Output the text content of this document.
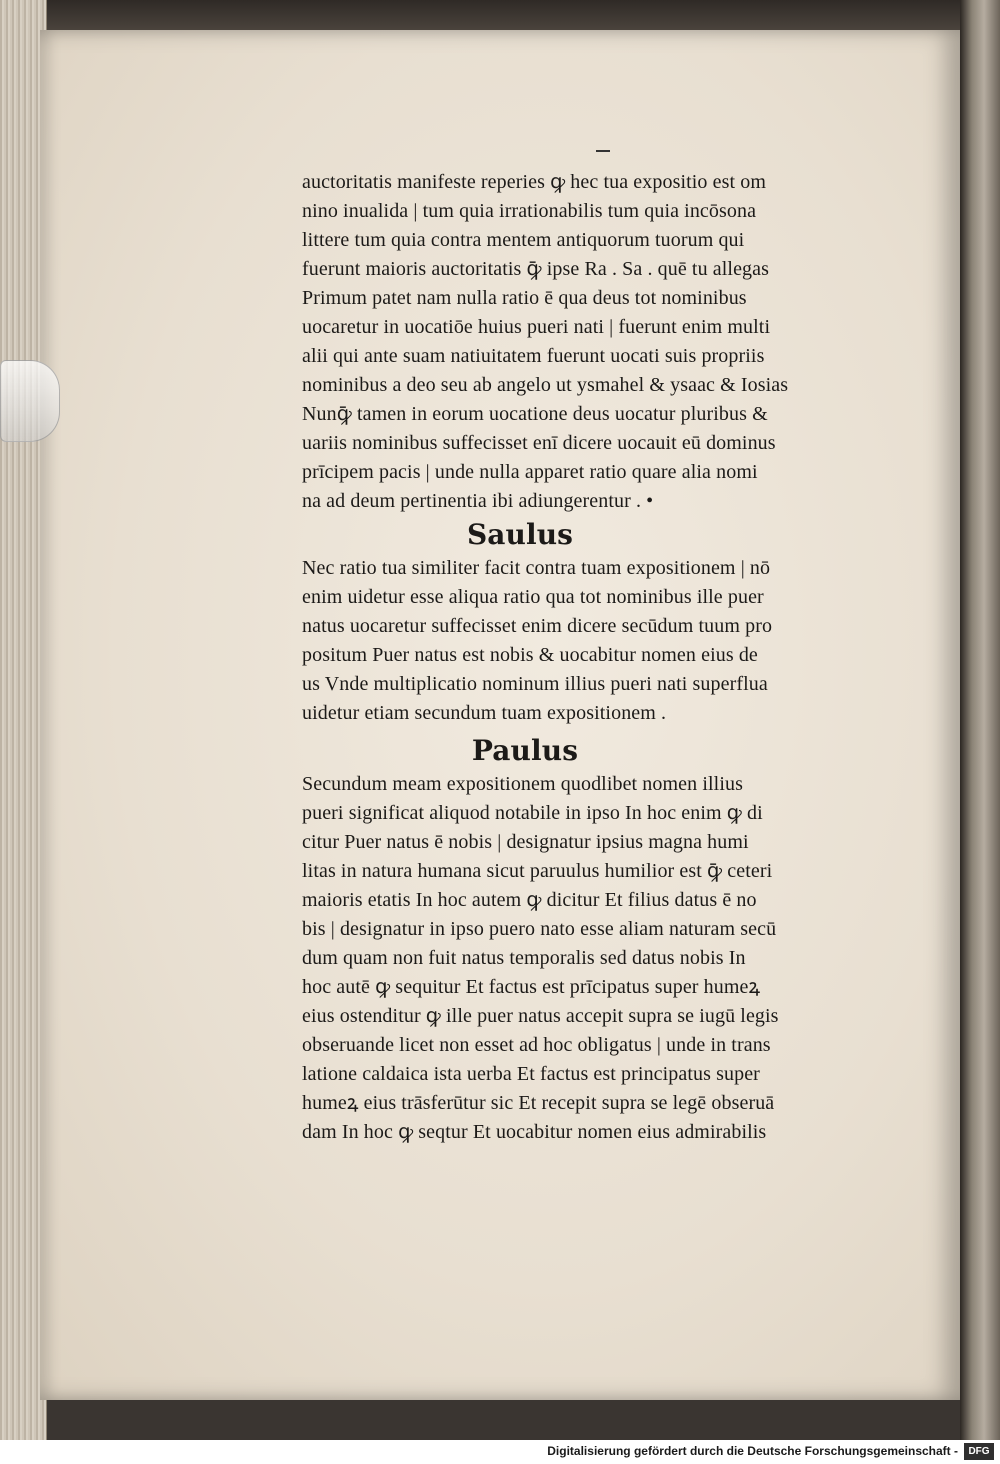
auctoritatis manifeste reperies ꝙ hec tua expositio est om
nino inualida | tum quia irrationabilis tum quia incōsona
littere tum quia contra mentem antiquorum tuorum qui
fuerunt maioris auctoritatis ꝙ̄ ipse Ra . Sa . quē tu allegas
Primum patet nam nulla ratio ē qua deus tot nominibus
uocaretur in uocatiōe huius pueri nati | fuerunt enim multi
alii qui ante suam natiuitatem fuerunt uocati suis propriis
nominibus a deo seu ab angelo ut ysmahel & ysaac & Iosias
Nunꝙ̄ tamen in eorum uocatione deus uocatur pluribus &
uariis nominibus suffecisset enī dicere uocauit eū dominus
prīcipem pacis | unde nulla apparet ratio quare alia nomi
na ad deum pertinentia ibi adiungerentur . •
Saulus
Nec ratio tua similiter facit contra tuam expositionem | nō
enim uidetur esse aliqua ratio qua tot nominibus ille puer
natus uocaretur suffecisset enim dicere secūdum tuum pro
positum Puer natus est nobis & uocabitur nomen eius de
us Vnde multiplicatio nominum illius pueri nati superflua
uidetur etiam secundum tuam expositionem .
Paulus
Secundum meam expositionem quodlibet nomen illius
pueri significat aliquod notabile in ipso In hoc enim ꝙ di
citur Puer natus ē nobis | designatur ipsius magna humi
litas in natura humana sicut paruulus humilior est ꝙ̄ ceteri
maioris etatis In hoc autem ꝙ dicitur Et filius datus ē no
bis | designatur in ipso puero nato esse aliam naturam secū
dum quam non fuit natus temporalis sed datus nobis In
hoc autē ꝙ sequitur Et factus est prīcipatus super humeꝝ
eius ostenditur ꝙ ille puer natus accepit supra se iugū legis
obseruande licet non esset ad hoc obligatus | unde in trans
latione caldaica ista uerba Et factus est principatus super
humeꝝ eius trāsferūtur sic Et recepit supra se legē obseruā
dam In hoc ꝙ seqtur Et uocabitur nomen eius admirabilis
Digitalisierung gefördert durch die Deutsche Forschungsgemeinschaft -	DFG
